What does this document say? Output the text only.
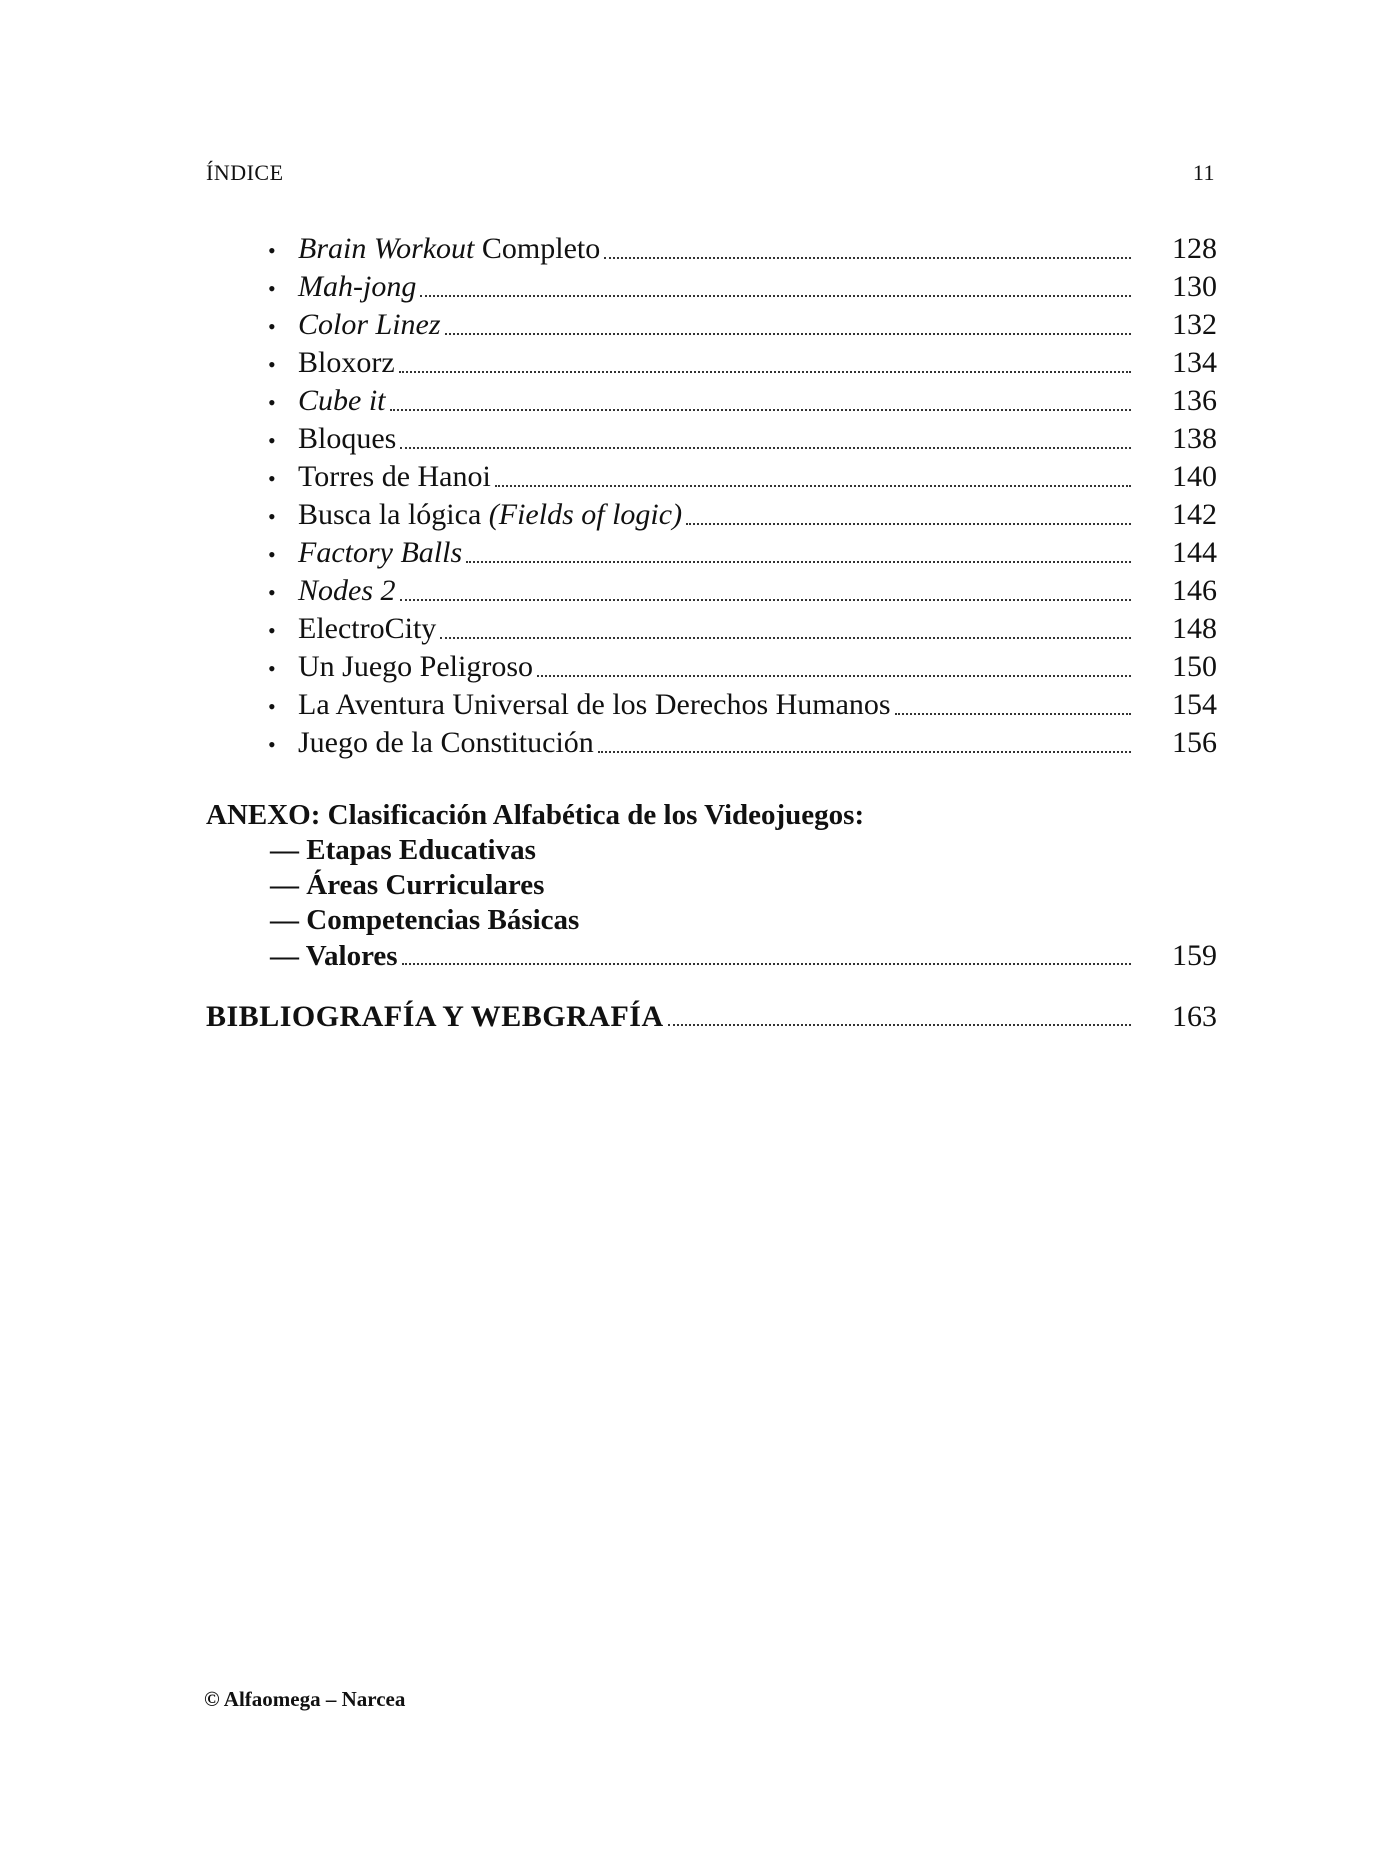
ÍNDICE	11
• Brain Workout Completo	128
• Mah-jong	130
• Color Linez	132
• Bloxorz	134
• Cube it	136
• Bloques	138
• Torres de Hanoi	140
• Busca la lógica (Fields of logic)	142
• Factory Balls	144
• Nodes 2	146
• ElectroCity	148
• Un Juego Peligroso	150
• La Aventura Universal de los Derechos Humanos	154
• Juego de la Constitución	156
ANEXO: Clasificación Alfabética de los Videojuegos:
— Etapas Educativas
— Áreas Curriculares
— Competencias Básicas
— Valores	159
BIBLIOGRAFÍA Y WEBGRAFÍA	163
© Alfaomega – Narcea
